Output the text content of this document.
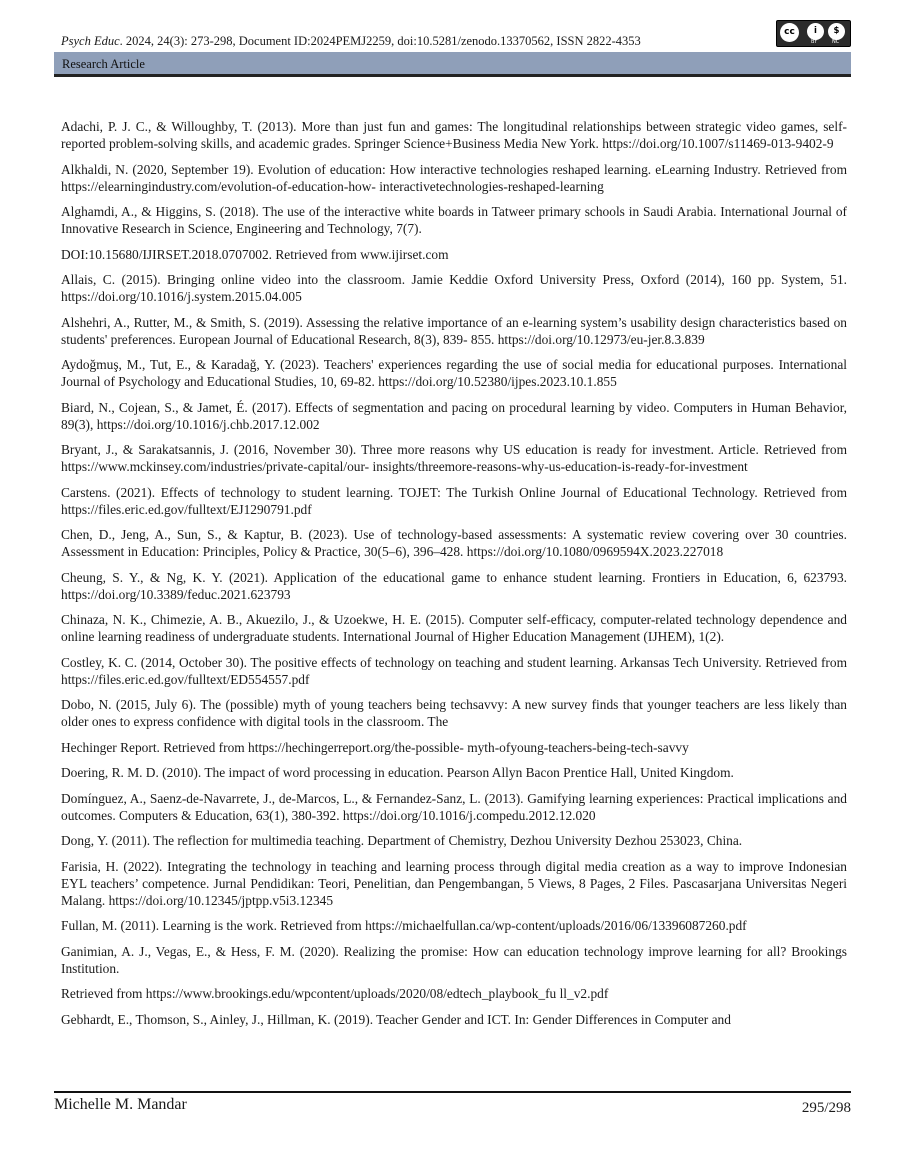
Psych Educ. 2024, 24(3): 273-298, Document ID:2024PEMJ2259, doi:10.5281/zenodo.13370562, ISSN 2822-4353
cc	i	$
BY	NC
Research Article

Adachi, P. J. C., & Willoughby, T. (2013). More than just fun and games: The longitudinal relationships between strategic video games, self-reported problem-solving skills, and academic grades. Springer Science+Business Media New York. https://doi.org/10.1007/s11469-013-9402-9

Alkhaldi, N. (2020, September 19). Evolution of education: How interactive technologies reshaped learning. eLearning Industry. Retrieved from https://elearningindustry.com/evolution-of-education-how- interactivetechnologies-reshaped-learning

Alghamdi, A., & Higgins, S. (2018). The use of the interactive white boards in Tatweer primary schools in Saudi Arabia. International Journal of Innovative Research in Science, Engineering and Technology, 7(7).

DOI:10.15680/IJIRSET.2018.0707002. Retrieved from www.ijirset.com

Allais, C. (2015). Bringing online video into the classroom. Jamie Keddie Oxford University Press, Oxford (2014), 160 pp. System, 51. https://doi.org/10.1016/j.system.2015.04.005

Alshehri, A., Rutter, M., & Smith, S. (2019). Assessing the relative importance of an e-learning system’s usability design characteristics based on students' preferences. European Journal of Educational Research, 8(3), 839- 855. https://doi.org/10.12973/eu-jer.8.3.839

Aydoğmuş, M., Tut, E., & Karadağ, Y. (2023). Teachers' experiences regarding the use of social media for educational purposes. International Journal of Psychology and Educational Studies, 10, 69-82. https://doi.org/10.52380/ijpes.2023.10.1.855

Biard, N., Cojean, S., & Jamet, É. (2017). Effects of segmentation and pacing on procedural learning by video. Computers in Human Behavior, 89(3), https://doi.org/10.1016/j.chb.2017.12.002

Bryant, J., & Sarakatsannis, J. (2016, November 30). Three more reasons why US education is ready for investment. Article. Retrieved from https://www.mckinsey.com/industries/private-capital/our- insights/threemore-reasons-why-us-education-is-ready-for-investment

Carstens. (2021). Effects of technology to student learning. TOJET: The Turkish Online Journal of Educational Technology. Retrieved from https://files.eric.ed.gov/fulltext/EJ1290791.pdf

Chen, D., Jeng, A., Sun, S., & Kaptur, B. (2023). Use of technology-based assessments: A systematic review covering over 30 countries. Assessment in Education: Principles, Policy & Practice, 30(5–6), 396–428. https://doi.org/10.1080/0969594X.2023.227018

Cheung, S. Y., & Ng, K. Y. (2021). Application of the educational game to enhance student learning. Frontiers in Education, 6, 623793. https://doi.org/10.3389/feduc.2021.623793

Chinaza, N. K., Chimezie, A. B., Akuezilo, J., & Uzoekwe, H. E. (2015). Computer self-efficacy, computer-related technology dependence and online learning readiness of undergraduate students. International Journal of Higher Education Management (IJHEM), 1(2).

Costley, K. C. (2014, October 30). The positive effects of technology on teaching and student learning. Arkansas Tech University. Retrieved from https://files.eric.ed.gov/fulltext/ED554557.pdf

Dobo, N. (2015, July 6). The (possible) myth of young teachers being techsavvy: A new survey finds that younger teachers are less likely than older ones to express confidence with digital tools in the classroom. The

Hechinger Report. Retrieved from https://hechingerreport.org/the-possible- myth-ofyoung-teachers-being-tech-savvy

Doering, R. M. D. (2010). The impact of word processing in education. Pearson Allyn Bacon Prentice Hall, United Kingdom.

Domínguez, A., Saenz-de-Navarrete, J., de-Marcos, L., & Fernandez-Sanz, L. (2013). Gamifying learning experiences: Practical implications and outcomes. Computers & Education, 63(1), 380-392. https://doi.org/10.1016/j.compedu.2012.12.020

Dong, Y. (2011). The reflection for multimedia teaching. Department of Chemistry, Dezhou University Dezhou 253023, China.

Farisia, H. (2022). Integrating the technology in teaching and learning process through digital media creation as a way to improve Indonesian EYL teachers’ competence. Jurnal Pendidikan: Teori, Penelitian, dan Pengembangan, 5 Views, 8 Pages, 2 Files. Pascasarjana Universitas Negeri Malang. https://doi.org/10.12345/jptpp.v5i3.12345

Fullan, M. (2011). Learning is the work. Retrieved from https://michaelfullan.ca/wp-content/uploads/2016/06/13396087260.pdf

Ganimian, A. J., Vegas, E., & Hess, F. M. (2020). Realizing the promise: How can education technology improve learning for all? Brookings Institution.

Retrieved from https://www.brookings.edu/wpcontent/uploads/2020/08/edtech_playbook_fu ll_v2.pdf

Gebhardt, E., Thomson, S., Ainley, J., Hillman, K. (2019). Teacher Gender and ICT. In: Gender Differences in Computer and

Michelle M. Mandar	295/298
